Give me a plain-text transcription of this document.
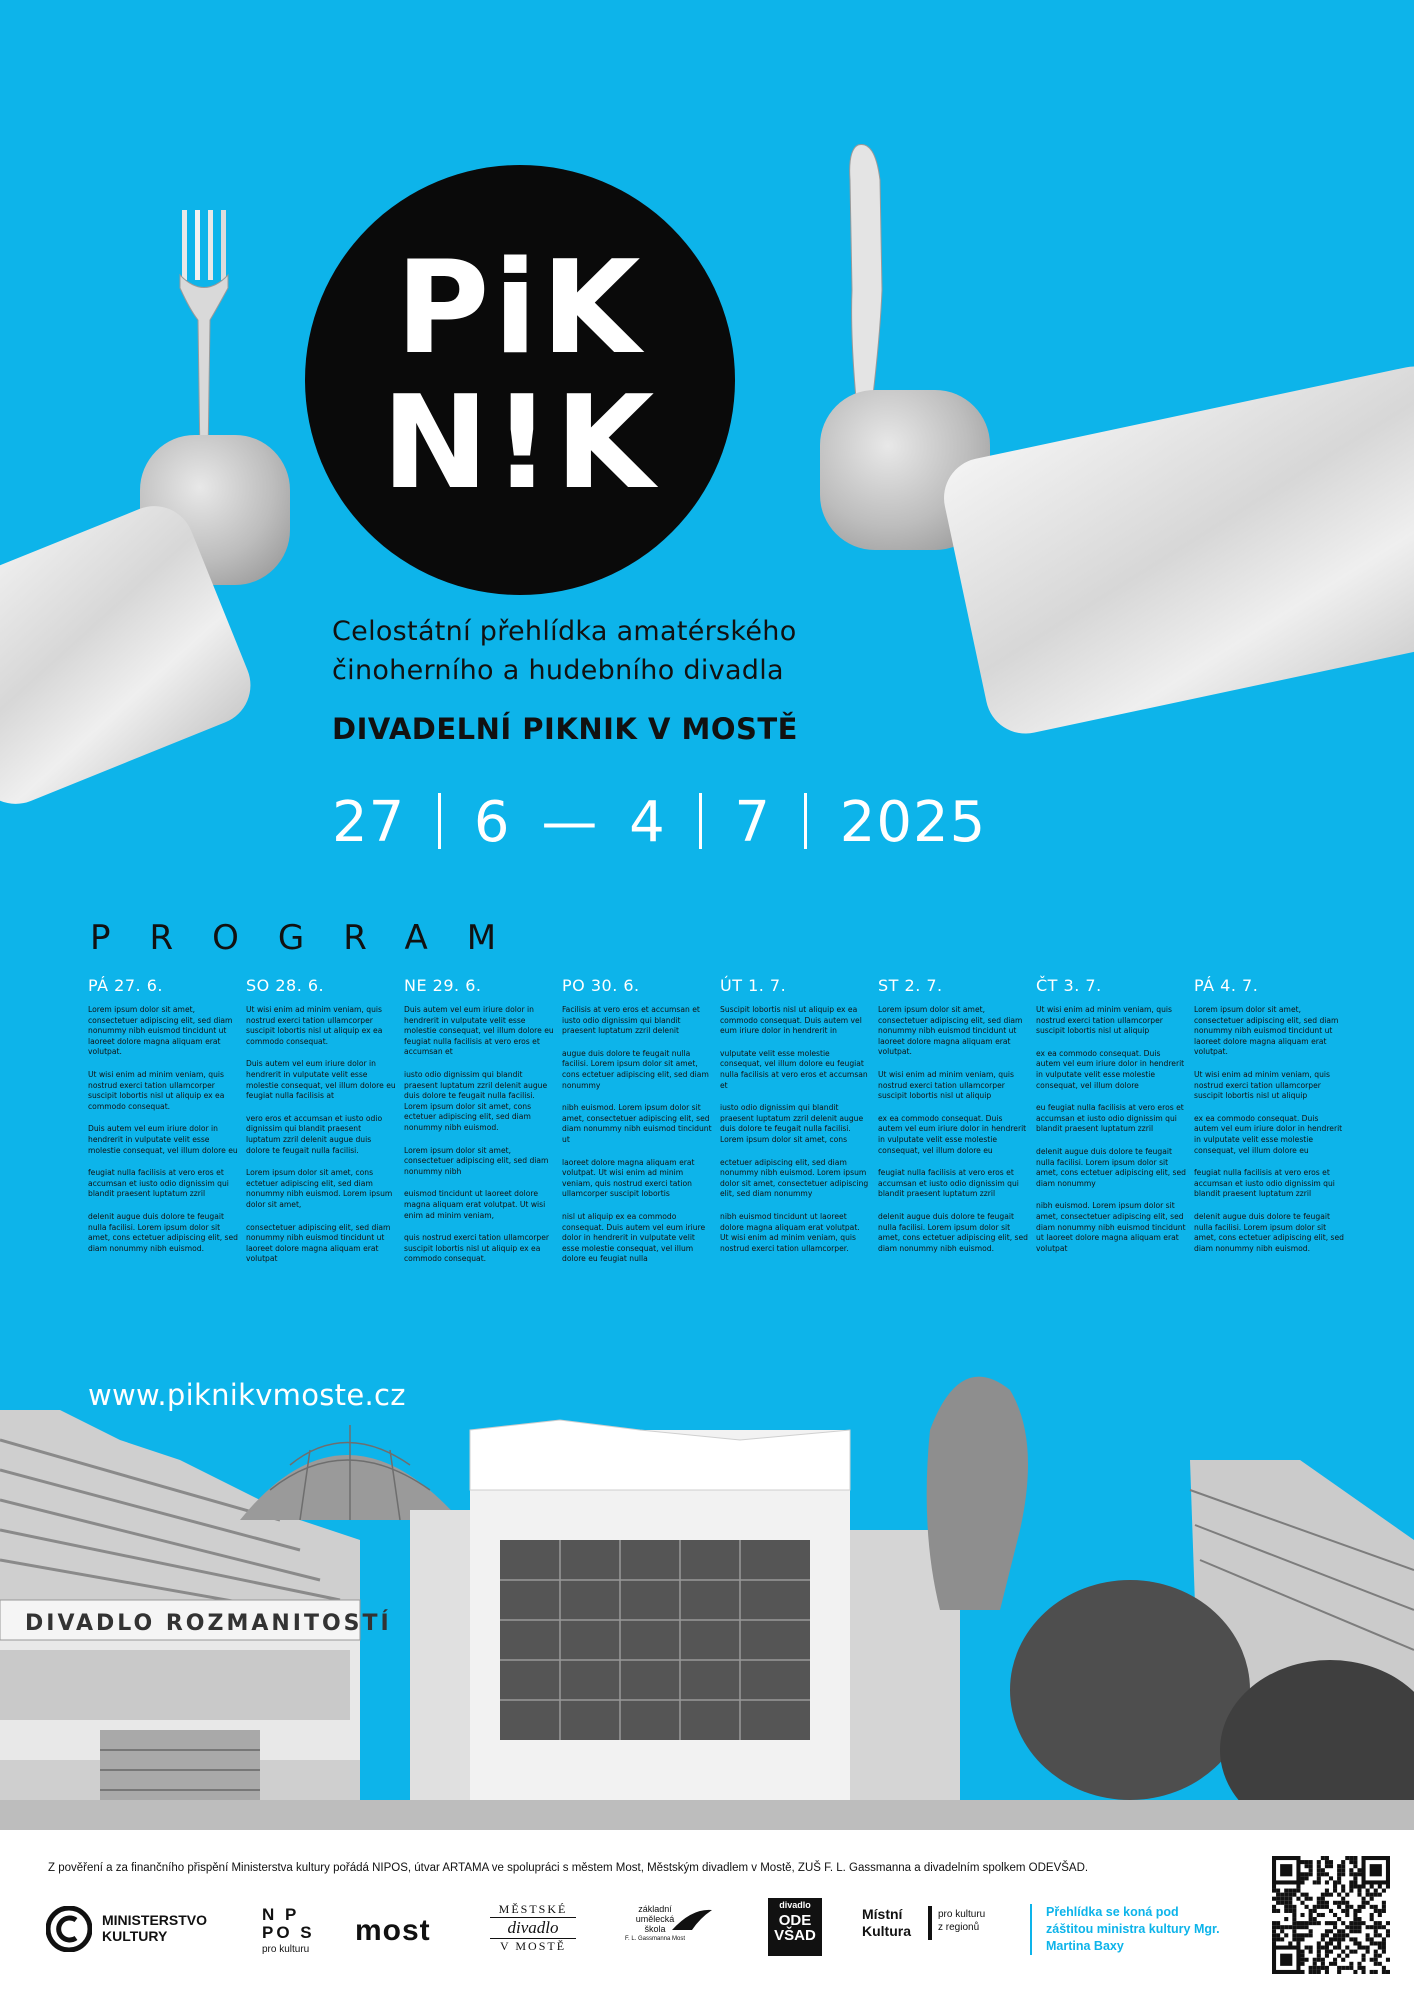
PiK
N!K
Celostátní přehlídka amatérského
činoherního a hudebního divadla
DIVADELNÍ PIKNIK V MOSTĚ
27 6 — 4 7 2025
PROGRAM
PÁ 27. 6.

Lorem ipsum dolor sit amet, consectetuer adipiscing elit, sed diam nonummy nibh euismod tincidunt ut laoreet dolore magna aliquam erat volutpat.

Ut wisi enim ad minim veniam, quis nostrud exerci tation ullamcorper suscipit lobortis nisl ut aliquip ex ea commodo consequat.

Duis autem vel eum iriure dolor in hendrerit in vulputate velit esse molestie consequat, vel illum dolore eu

feugiat nulla facilisis at vero eros et accumsan et iusto odio dignissim qui blandit praesent luptatum zzril

delenit augue duis dolore te feugait nulla facilisi. Lorem ipsum dolor sit amet, cons ectetuer adipiscing elit, sed diam nonummy nibh euismod.

SO 28. 6.

Ut wisi enim ad minim veniam, quis nostrud exerci tation ullamcorper suscipit lobortis nisl ut aliquip ex ea commodo consequat.

Duis autem vel eum iriure dolor in hendrerit in vulputate velit esse molestie consequat, vel illum dolore eu feugiat nulla facilisis at

vero eros et accumsan et iusto odio dignissim qui blandit praesent luptatum zzril delenit augue duis dolore te feugait nulla facilisi.

Lorem ipsum dolor sit amet, cons ectetuer adipiscing elit, sed diam nonummy nibh euismod. Lorem ipsum dolor sit amet,

consectetuer adipiscing elit, sed diam nonummy nibh euismod tincidunt ut laoreet dolore magna aliquam erat volutpat

NE 29. 6.

Duis autem vel eum iriure dolor in hendrerit in vulputate velit esse molestie consequat, vel illum dolore eu feugiat nulla facilisis at vero eros et accumsan et

iusto odio dignissim qui blandit praesent luptatum zzril delenit augue duis dolore te feugait nulla facilisi. Lorem ipsum dolor sit amet, cons ectetuer adipiscing elit, sed diam nonummy nibh euismod.

Lorem ipsum dolor sit amet, consectetuer adipiscing elit, sed diam nonummy nibh

euismod tincidunt ut laoreet dolore magna aliquam erat volutpat. Ut wisi enim ad minim veniam,

quis nostrud exerci tation ullamcorper suscipit lobortis nisl ut aliquip ex ea commodo consequat.

PO 30. 6.

Facilisis at vero eros et accumsan et iusto odio dignissim qui blandit praesent luptatum zzril delenit

augue duis dolore te feugait nulla facilisi. Lorem ipsum dolor sit amet, cons ectetuer adipiscing elit, sed diam nonummy

nibh euismod. Lorem ipsum dolor sit amet, consectetuer adipiscing elit, sed diam nonummy nibh euismod tincidunt ut

laoreet dolore magna aliquam erat volutpat. Ut wisi enim ad minim veniam, quis nostrud exerci tation ullamcorper suscipit lobortis

nisl ut aliquip ex ea commodo consequat. Duis autem vel eum iriure dolor in hendrerit in vulputate velit esse molestie consequat, vel illum dolore eu feugiat nulla

ÚT 1. 7.

Suscipit lobortis nisl ut aliquip ex ea commodo consequat. Duis autem vel eum iriure dolor in hendrerit in

vulputate velit esse molestie consequat, vel illum dolore eu feugiat nulla facilisis at vero eros et accumsan et

iusto odio dignissim qui blandit praesent luptatum zzril delenit augue duis dolore te feugait nulla facilisi. Lorem ipsum dolor sit amet, cons

ectetuer adipiscing elit, sed diam nonummy nibh euismod. Lorem ipsum dolor sit amet, consectetuer adipiscing elit, sed diam nonummy

nibh euismod tincidunt ut laoreet dolore magna aliquam erat volutpat. Ut wisi enim ad minim veniam, quis nostrud exerci tation ullamcorper.

ST 2. 7.

Lorem ipsum dolor sit amet, consectetuer adipiscing elit, sed diam nonummy nibh euismod tincidunt ut laoreet dolore magna aliquam erat volutpat.

Ut wisi enim ad minim veniam, quis nostrud exerci tation ullamcorper suscipit lobortis nisl ut aliquip

ex ea commodo consequat. Duis autem vel eum iriure dolor in hendrerit in vulputate velit esse molestie consequat, vel illum dolore eu

feugiat nulla facilisis at vero eros et accumsan et iusto odio dignissim qui blandit praesent luptatum zzril

delenit augue duis dolore te feugait nulla facilisi. Lorem ipsum dolor sit amet, cons ectetuer adipiscing elit, sed diam nonummy nibh euismod.

ČT 3. 7.

Ut wisi enim ad minim veniam, quis nostrud exerci tation ullamcorper suscipit lobortis nisl ut aliquip

ex ea commodo consequat. Duis autem vel eum iriure dolor in hendrerit in vulputate velit esse molestie consequat, vel illum dolore

eu feugiat nulla facilisis at vero eros et accumsan et iusto odio dignissim qui blandit praesent luptatum zzril

delenit augue duis dolore te feugait nulla facilisi. Lorem ipsum dolor sit amet, cons ectetuer adipiscing elit, sed diam nonummy

nibh euismod. Lorem ipsum dolor sit amet, consectetuer adipiscing elit, sed diam nonummy nibh euismod tincidunt ut laoreet dolore magna aliquam erat volutpat

PÁ 4. 7.

Lorem ipsum dolor sit amet, consectetuer adipiscing elit, sed diam nonummy nibh euismod tincidunt ut laoreet dolore magna aliquam erat volutpat.

Ut wisi enim ad minim veniam, quis nostrud exerci tation ullamcorper suscipit lobortis nisl ut aliquip

ex ea commodo consequat. Duis autem vel eum iriure dolor in hendrerit in vulputate velit esse molestie consequat, vel illum dolore eu

feugiat nulla facilisis at vero eros et accumsan et iusto odio dignissim qui blandit praesent luptatum zzril

delenit augue duis dolore te feugait nulla facilisi. Lorem ipsum dolor sit amet, cons ectetuer adipiscing elit, sed diam nonummy nibh euismod.

www.piknikvmoste.cz
DIVADLO ROZMANITOSTÍ
Z pověření a za finančního přispění Ministerstva kultury pořádá NIPOS, útvar ARTAMA ve spolupráci s městem Most, Městským divadlem v Mostě, ZUŠ F. L. Gassmanna a divadelním spolkem ODEVŠAD.
MINISTERSTVO
KULTURY
N P
PO S
pro kulturu
most
MĚSTSKÉ
divadlo
V MOSTĚ
základní
umělecká
škola
F. L. Gassmanna Most
divadlo
ODE
VŠAD
Místní
Kultura
pro kulturu
z regionů
Přehlídka se koná pod záštitou ministra kultury Mgr. Martina Baxy
